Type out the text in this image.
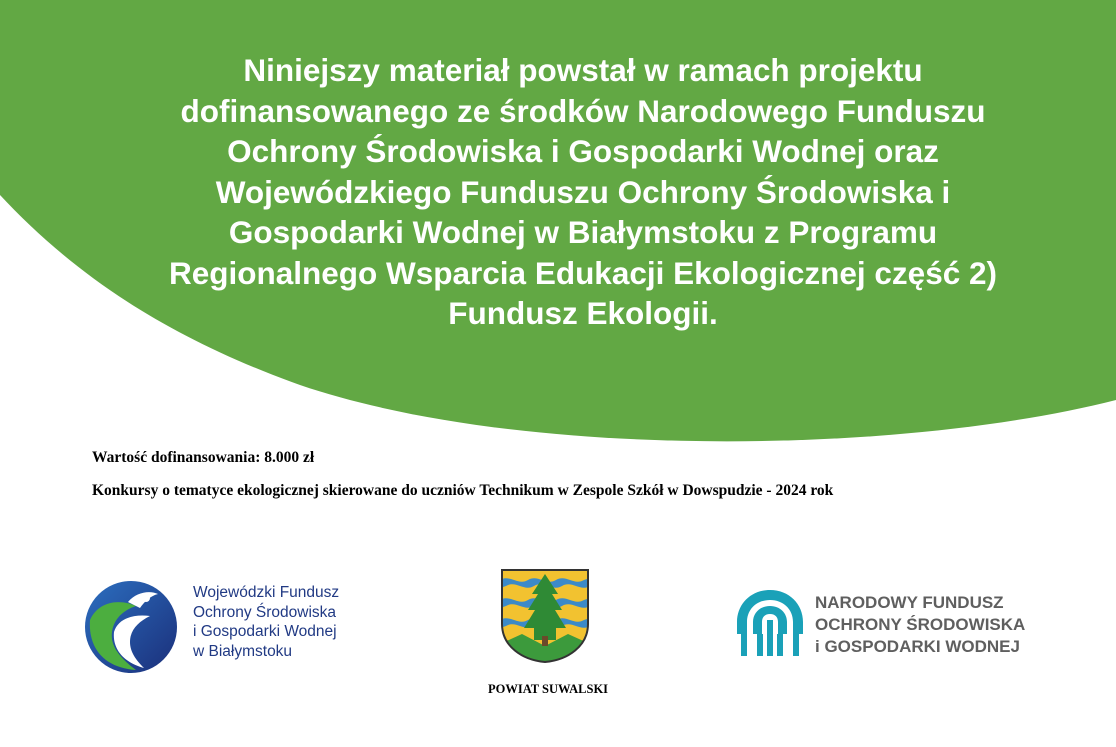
Niniejszy materiał powstał w ramach projektu
dofinansowanego ze środków Narodowego Funduszu
Ochrony Środowiska i Gospodarki Wodnej oraz
Wojewódzkiego Funduszu Ochrony Środowiska i
Gospodarki Wodnej w Białymstoku z Programu
Regionalnego Wsparcia Edukacji Ekologicznej część 2)
Fundusz Ekologii.
Wartość dofinansowania: 8.000 zł
Konkursy o tematyce ekologicznej skierowane do uczniów Technikum w Zespole Szkół w Dowspudzie - 2024 rok
Wojewódzki Fundusz
Ochrony Środowiska
i Gospodarki Wodnej
w Białymstoku
POWIAT SUWALSKI
NARODOWY FUNDUSZ
OCHRONY ŚRODOWISKA
i GOSPODARKI WODNEJ
